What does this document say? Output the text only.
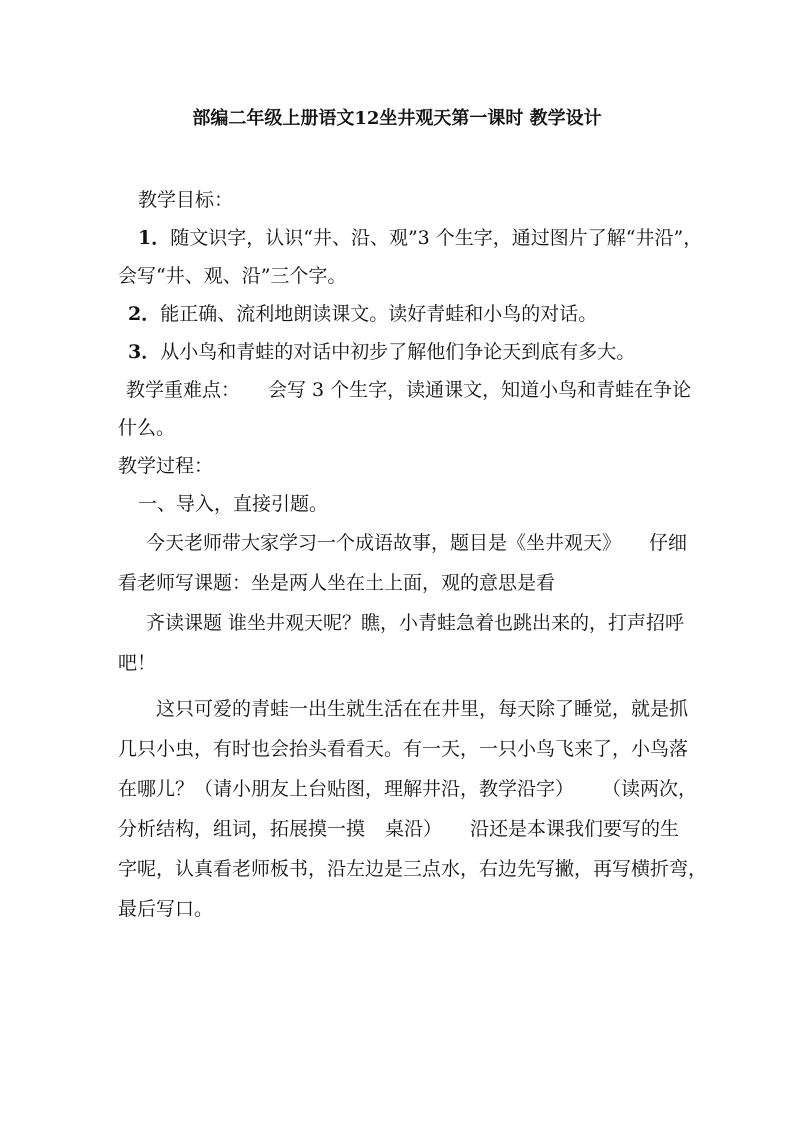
部编二年级上册语文12坐井观天第一课时 教学设计

教学目标：

1．随文识字，认识“井、沿、观”3 个生字，通过图片了解“井沿”，

会写“井、观、沿”三个字。

2．能正确、流利地朗读课文。读好青蛙和小鸟的对话。

3．从小鸟和青蛙的对话中初步了解他们争论天到底有多大。

教学重难点： 会写 3 个生字，读通课文，知道小鸟和青蛙在争论

什么。

教学过程：

一、导入，直接引题。

今天老师带大家学习一个成语故事，题目是《坐井观天》 仔细

看老师写课题：坐是两人坐在土上面，观的意思是看

齐读课题 谁坐井观天呢？瞧，小青蛙急着也跳出来的，打声招呼

吧！

这只可爱的青蛙一出生就生活在在井里，每天除了睡觉，就是抓

几只小虫，有时也会抬头看看天。有一天，一只小鸟飞来了，小鸟落

在哪儿？（请小朋友上台贴图，理解井沿，教学沿字） （读两次，

分析结构，组词，拓展摸一摸 桌沿） 沿还是本课我们要写的生

字呢，认真看老师板书，沿左边是三点水，右边先写撇，再写横折弯，

最后写口。
